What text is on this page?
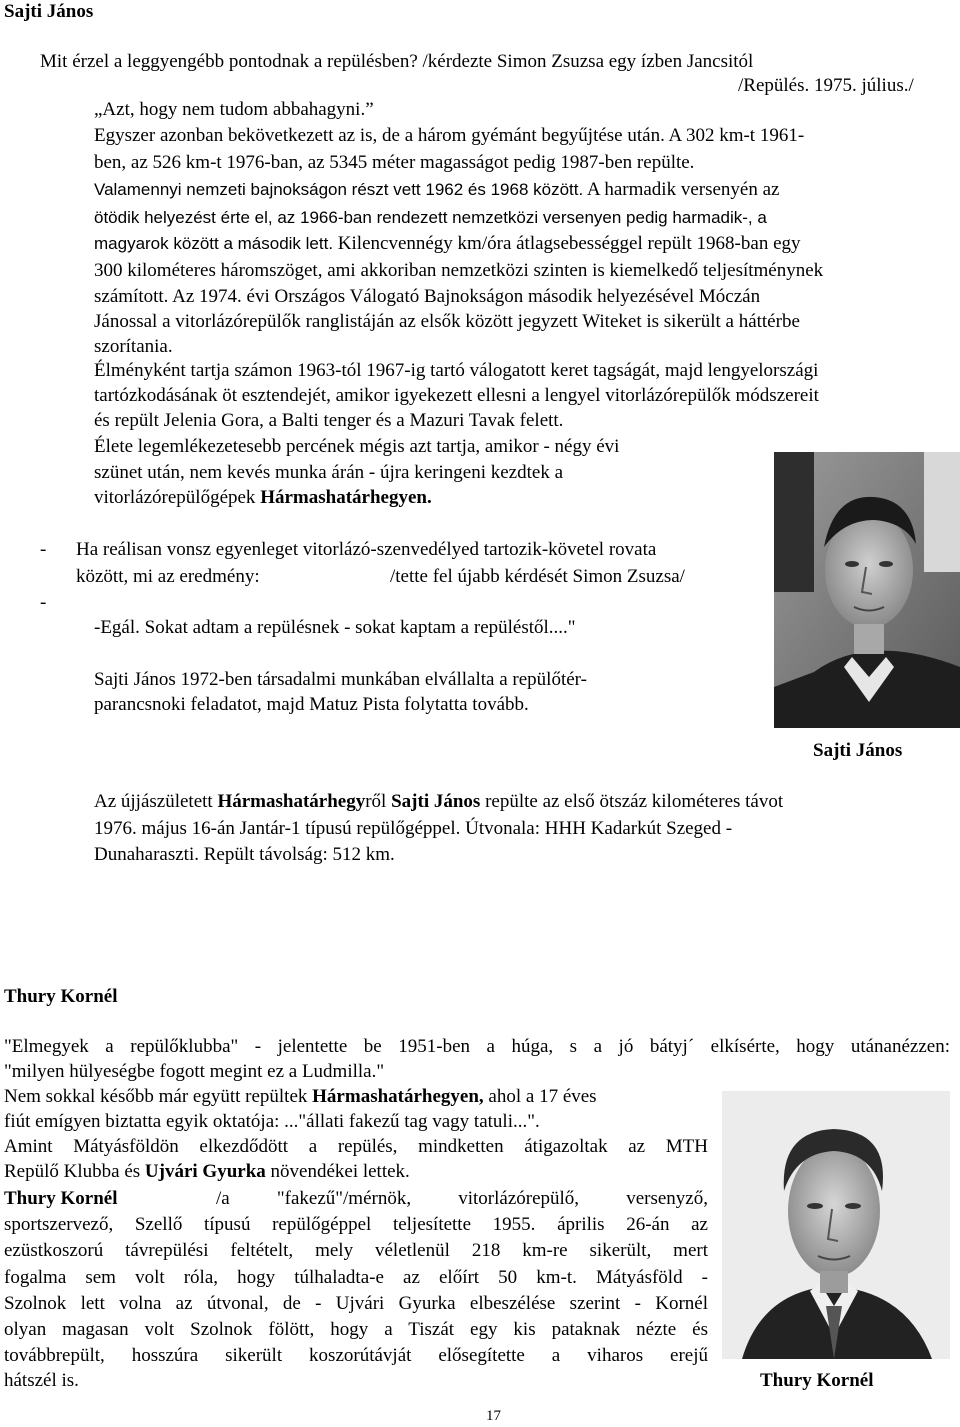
Sajti János
Mit érzel a leggyengébb pontodnak a repülésben? /kérdezte Simon Zsuzsa egy ízben Jancsitól
/Repülés. 1975. július./
„Azt, hogy nem tudom abbahagyni.”
Egyszer azonban bekövetkezett az is, de a három gyémánt begyűjtése után. A 302 km-t 1961-
ben, az 526 km-t 1976-ban, az 5345 méter magasságot pedig 1987-ben repülte.
Valamennyi nemzeti bajnokságon részt vett 1962 és 1968 között. A harmadik versenyén az
ötödik helyezést érte el, az 1966-ban rendezett nemzetközi versenyen pedig harmadik-, a
magyarok között a második lett. Kilencvennégy km/óra átlagsebességgel repült 1968-ban egy
300 kilométeres háromszöget, ami akkoriban nemzetközi szinten is kiemelkedő teljesítménynek
számított. Az 1974. évi Országos Válogató Bajnokságon második helyezésével Móczán
Jánossal a vitorlázórepülők ranglistáján az elsők között jegyzett Witeket is sikerült a háttérbe
szorítania.
Élményként tartja számon 1963-tól 1967-ig tartó válogatott keret tagságát, majd lengyelországi
tartózkodásának öt esztendejét, amikor igyekezett ellesni a lengyel vitorlázórepülők módszereit
és repült Jelenia Gora, a Balti tenger és a Mazuri Tavak felett.
Élete legemlékezetesebb percének mégis azt tartja, amikor - négy évi
szünet után, nem kevés munka árán - újra keringeni kezdtek a
vitorlázórepülőgépek Hármashatárhegyen.
Sajti János
- Ha reálisan vonsz egyenleget vitorlázó-szenvedélyed tartozik-követel rovata
között, mi az eredmény:	/tette fel újabb kérdését Simon Zsuzsa/
-
-Egál. Sokat adtam a repülésnek - sokat kaptam a repüléstől...."
Sajti János 1972-ben társadalmi munkában elvállalta a repülőtér-
parancsnoki feladatot, majd Matuz Pista folytatta tovább.
Az újjászületett Hármashatárhegyről Sajti János repülte az első ötszáz kilométeres távot
1976. május 16-án Jantár-1 típusú repülőgéppel. Útvonala: HHH Kadarkút Szeged -
Dunaharaszti. Repült távolság: 512 km.
Thury Kornél
"Elmegyek a repülőklubba" - jelentette be 1951-ben a húga, s a jó bátyj´ elkísérte, hogy utánanézzen:
"milyen hülyeségbe fogott megint ez a Ludmilla."
Nem sokkal később már együtt repültek Hármashatárhegyen, ahol a 17 éves
fiút emígyen biztatta egyik oktatója: ..."állati fakezű tag vagy tatuli...".
Amint Mátyásföldön elkezdődött a repülés, mindketten átigazoltak az MTH
Repülő Klubba és Ujvári Gyurka növendékei lettek.
Thury Kornél	/a "fakezű"/mérnök, vitorlázórepülő, versenyző,
sportszervező, Szellő típusú repülőgéppel teljesítette 1955. április 26-án az
ezüstkoszorú távrepülési feltételt, mely véletlenül 218 km-re sikerült, mert
fogalma sem volt róla, hogy túlhaladta-e az előírt 50 km-t. Mátyásföld -
Szolnok lett volna az útvonal, de - Ujvári Gyurka elbeszélése szerint - Kornél
olyan magasan volt Szolnok fölött, hogy a Tiszát egy kis pataknak nézte és
továbbrepült, hosszúra sikerült koszorútávját elősegítette a viharos erejű
hátszél is.	Thury Kornél
17
